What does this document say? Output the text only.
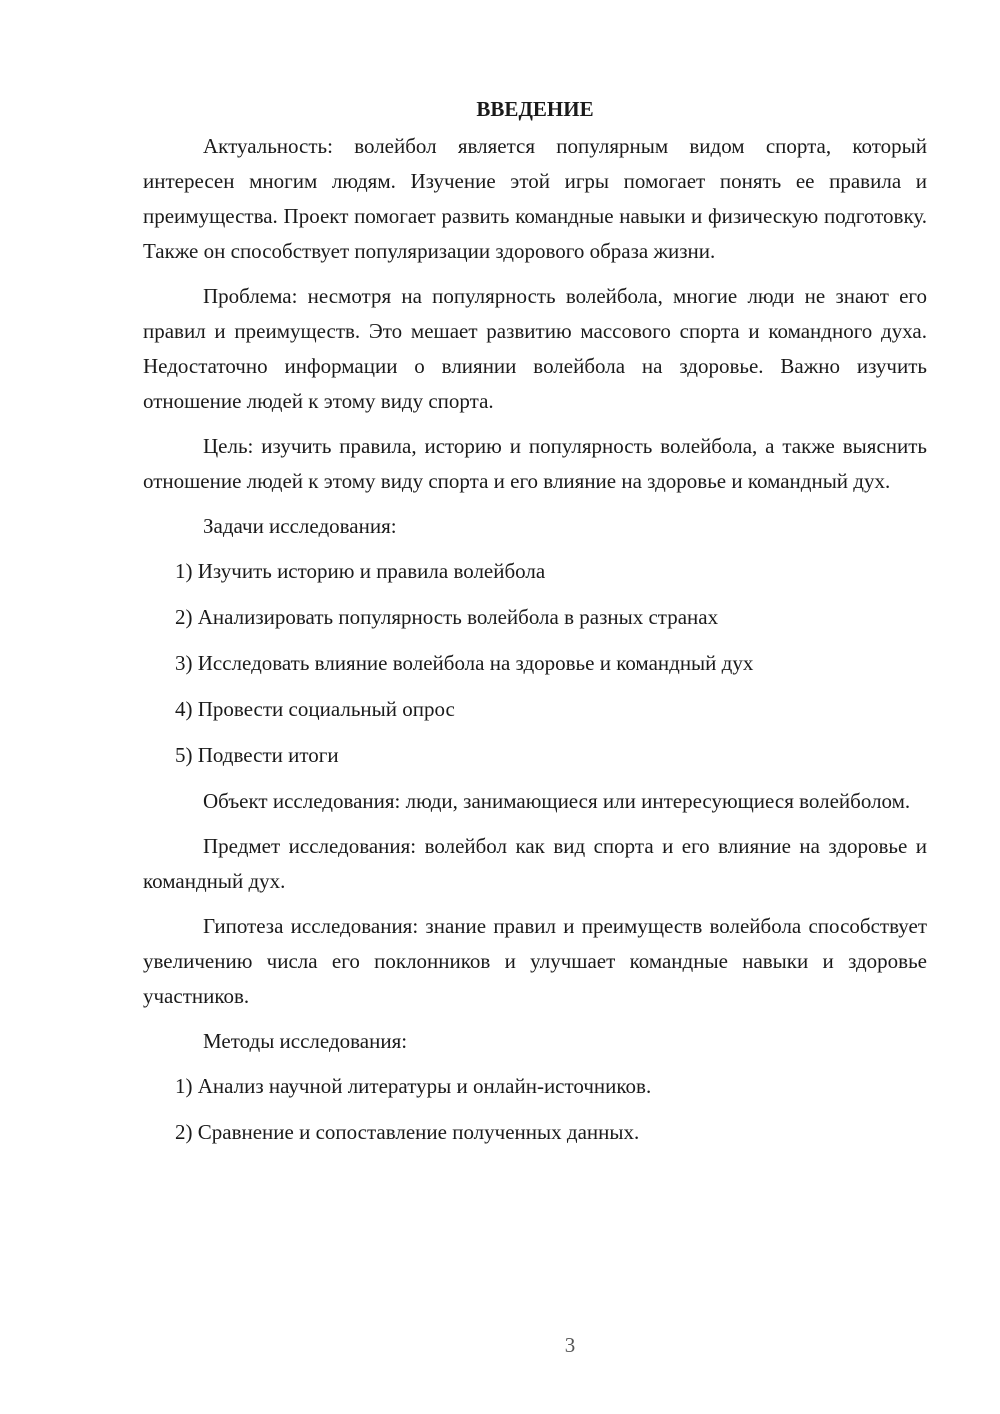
ВВЕДЕНИЕ

Актуальность: волейбол является популярным видом спорта, который интересен многим людям. Изучение этой игры помогает понять ее правила и преимущества. Проект помогает развить командные навыки и физическую подготовку. Также он способствует популяризации здорового образа жизни.

Проблема: несмотря на популярность волейбола, многие люди не знают его правил и преимуществ. Это мешает развитию массового спорта и командного духа. Недостаточно информации о влиянии волейбола на здоровье. Важно изучить отношение людей к этому виду спорта.

Цель: изучить правила, историю и популярность волейбола, а также выяснить отношение людей к этому виду спорта и его влияние на здоровье и командный дух.

Задачи исследования:

1) Изучить историю и правила волейбола
2) Анализировать популярность волейбола в разных странах
3) Исследовать влияние волейбола на здоровье и командный дух
4) Провести социальный опрос
5) Подвести итоги

Объект исследования: люди, занимающиеся или интересующиеся волейболом.

Предмет исследования: волейбол как вид спорта и его влияние на здоровье и командный дух.

Гипотеза исследования: знание правил и преимуществ волейбола способствует увеличению числа его поклонников и улучшает командные навыки и здоровье участников.

Методы исследования:

1) Анализ научной литературы и онлайн-источников.
2) Сравнение и сопоставление полученных данных.
3
